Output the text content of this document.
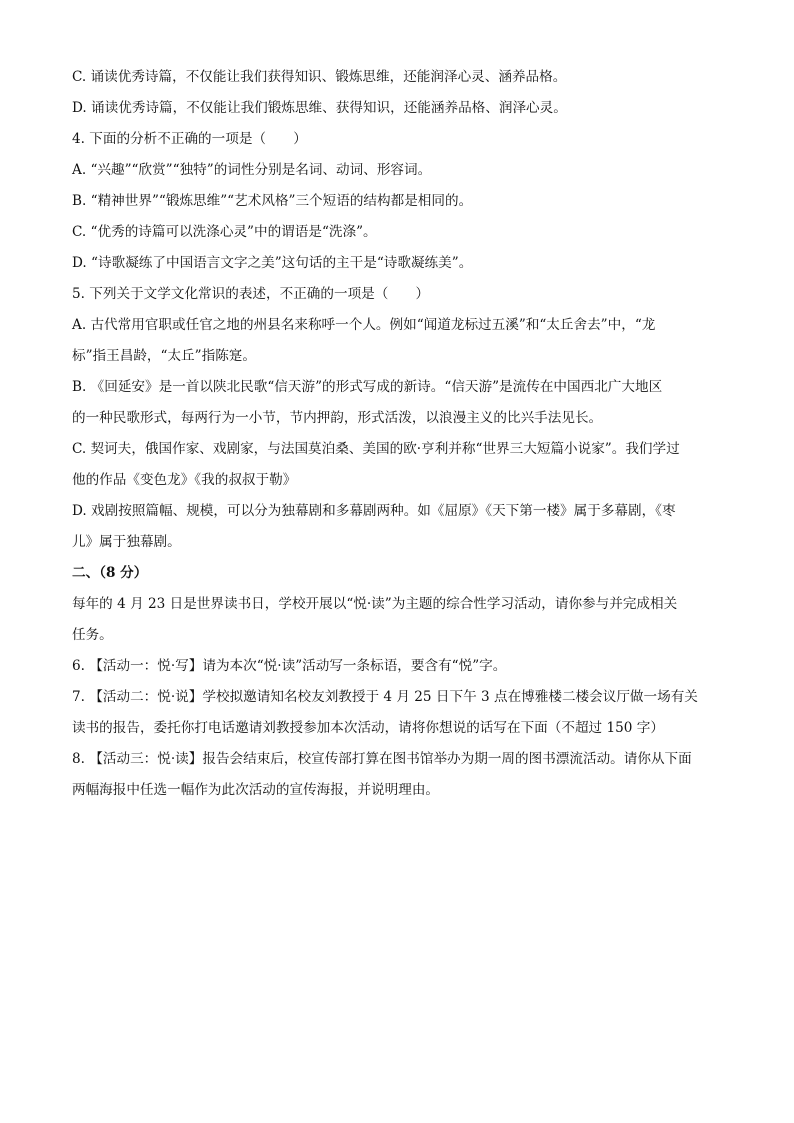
C. 诵读优秀诗篇，不仅能让我们获得知识、锻炼思维，还能润泽心灵、涵养品格。
D. 诵读优秀诗篇，不仅能让我们锻炼思维、获得知识，还能涵养品格、润泽心灵。
4. 下面的分析不正确的一项是（　　）
A. “兴趣”“欣赏”“独特”的词性分别是名词、动词、形容词。
B. “精神世界”“锻炼思维”“艺术风格”三个短语的结构都是相同的。
C. “优秀的诗篇可以洗涤心灵”中的谓语是“洗涤”。
D. “诗歌凝练了中国语言文字之美”这句话的主干是“诗歌凝练美”。
5. 下列关于文学文化常识的表述，不正确的一项是（　　）
A. 古代常用官职或任官之地的州县名来称呼一个人。例如“闻道龙标过五溪”和“太丘舍去”中，“龙
标”指王昌龄，“太丘”指陈寔。
B. 《回延安》是一首以陕北民歌“信天游”的形式写成的新诗。“信天游”是流传在中国西北广大地区
的一种民歌形式，每两行为一小节，节内押韵，形式活泼，以浪漫主义的比兴手法见长。
C. 契诃夫，俄国作家、戏剧家，与法国莫泊桑、美国的欧·亨利并称“世界三大短篇小说家”。我们学过
他的作品《变色龙》《我的叔叔于勒》
D. 戏剧按照篇幅、规模，可以分为独幕剧和多幕剧两种。如《屈原》《天下第一楼》属于多幕剧，《枣
儿》属于独幕剧。
二、（8 分）
每年的 4 月 23 日是世界读书日，学校开展以“悦·读”为主题的综合性学习活动，请你参与并完成相关
任务。
6. 【活动一：悦·写】请为本次“悦·读”活动写一条标语，要含有“悦”字。
7. 【活动二：悦·说】学校拟邀请知名校友刘教授于 4 月 25 日下午 3 点在博雅楼二楼会议厅做一场有关
读书的报告，委托你打电话邀请刘教授参加本次活动，请将你想说的话写在下面（不超过 150 字）
8. 【活动三：悦·读】报告会结束后，校宣传部打算在图书馆举办为期一周的图书漂流活动。请你从下面
两幅海报中任选一幅作为此次活动的宣传海报，并说明理由。
